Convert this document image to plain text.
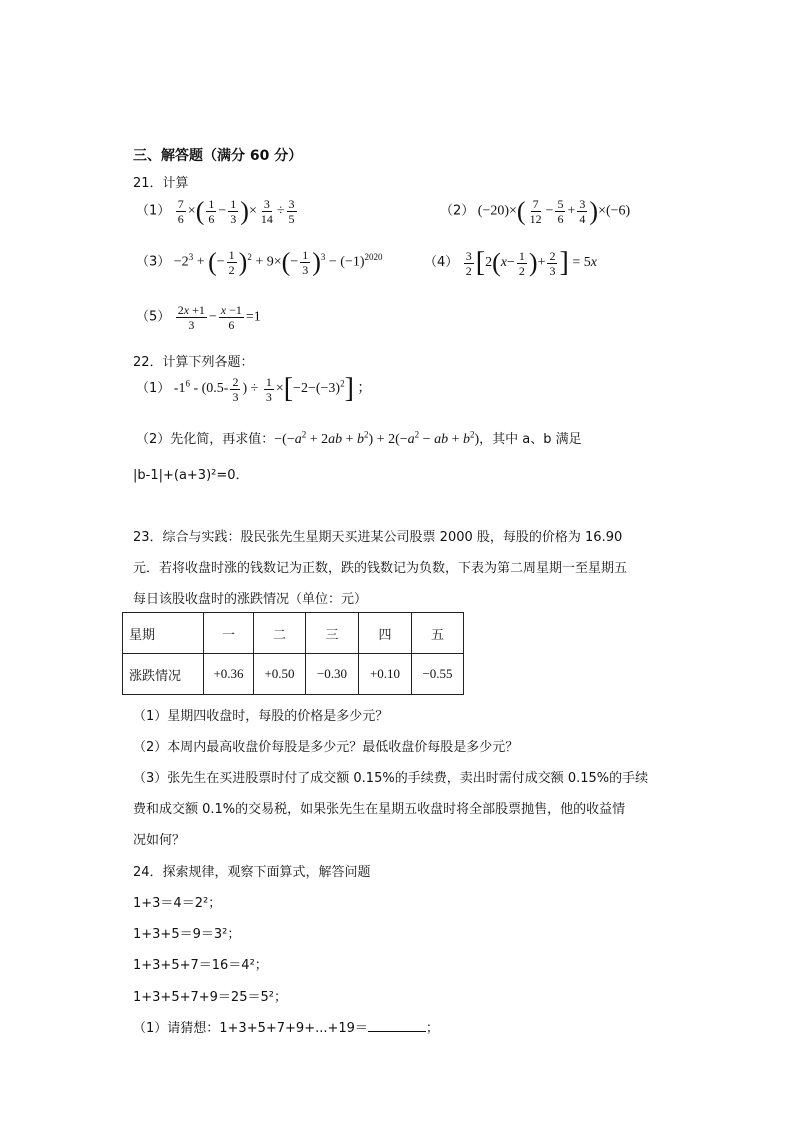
三、解答题（满分 60 分）
21．计算
$(1) \frac{7}{6}$ ×( $\frac{1}{6} - \frac{1}{3}$ )× $\frac{3}{14} \div \frac{3}{5}$	（2） $(-20)\times( \frac{7}{12} - \frac{5}{6} + \frac{3}{4} )\times(-6)$
$(3) -2^3$ + (− $\frac{1}{2} )^2 + 9\times(- \frac{1}{3} )^3 - (-1)^{2020}$	$(4) \frac{3}{2} [2(x- \frac{1}{2}$ )+ $\frac{2}{3}$ ] = 5x
$(5) \frac{2x +1}{3} - \frac{x -1}{6} =1$
22．计算下列各题：
（1） $-1^6 - (0.5- \frac{2}{3}$ ) ÷ $\frac{1}{3} \times[-2-(-3)^2]$ ；
（2）先化简，再求值：$-(-a^2 + 2ab + b^2) + 2(-a^2$ − ab + $b^2$)，其中 a、b 满足
|b-1|+(a+3)²=0．
23．综合与实践：股民张先生星期天买进某公司股票 2000 股，每股的价格为 16.90
元．若将收盘时涨的钱数记为正数，跌的钱数记为负数，下表为第二周星期一至星期五
每日该股收盘时的涨跌情况（单位：元）
星期	一	二	三	四	五
涨跌情况	+0.36	+0.50	−0.30	+0.10	−0.55
（1）星期四收盘时，每股的价格是多少元？
（2）本周内最高收盘价每股是多少元？最低收盘价每股是多少元？
（3）张先生在买进股票时付了成交额 0.15%的手续费，卖出时需付成交额 0.15%的手续
费和成交额 0.1%的交易税，如果张先生在星期五收盘时将全部股票抛售，他的收益情
况如何？
24．探索规律，观察下面算式，解答问题
1+3＝4＝2²；
1+3+5＝9＝3²；
1+3+5+7＝16＝4²；
1+3+5+7+9＝25＝5²；
（1）请猜想：1+3+5+7+9+...+19＝	；
